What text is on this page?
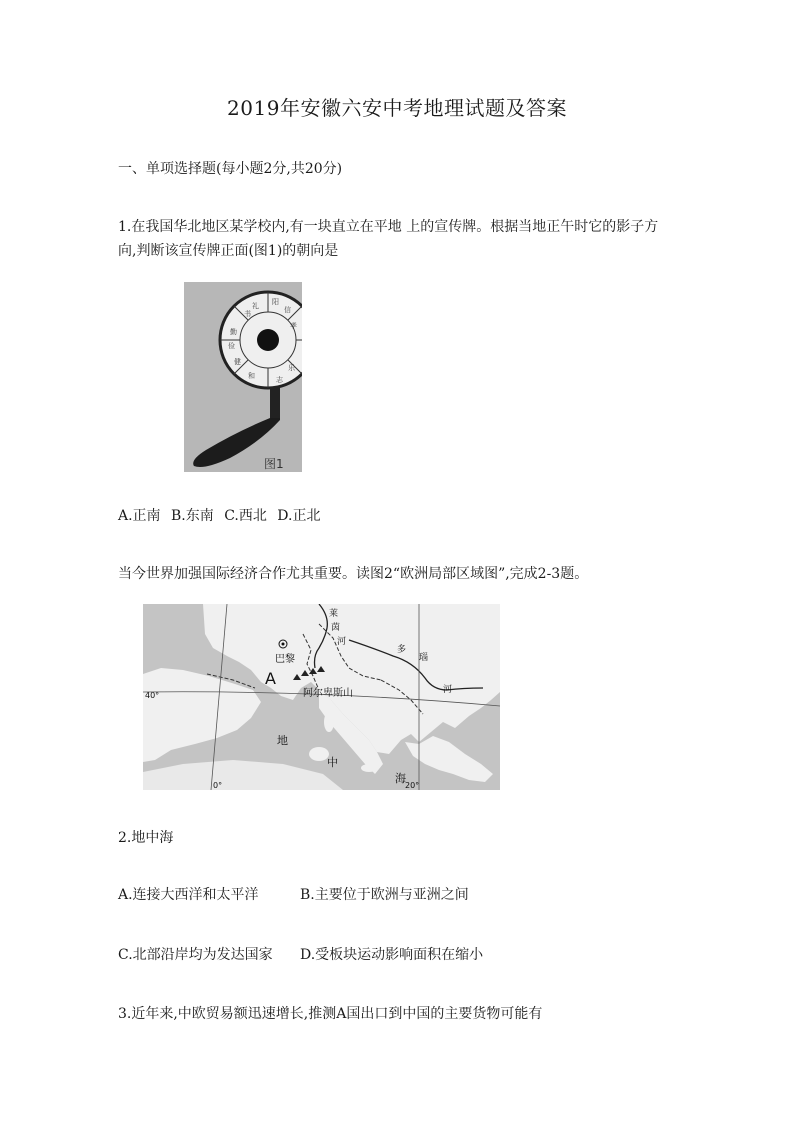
2019年安徽六安中考地理试题及答案
一、单项选择题(每小题2分,共20分)
1.在我国华北地区某学校内,有一块直立在平地 上的宣传牌。根据当地正午时它的影子方
向,判断该宣传牌正面(图1)的朝向是
书
礼 阳
勤
俭
健
和	志
乐
信
孝
图1
A.正南 B.东南 C.西北 D.正北
当今世界加强国际经济合作尤其重要。读图2“欧洲局部区域图”,完成2-3题。
巴黎
A
阿尔卑斯山
莱
茵
河
多
瑙
河
地
中
海
40°
0°	20°
2.地中海
A.连接大西洋和太平洋	B.主要位于欧洲与亚洲之间
C.北部沿岸均为发达国家 D.受板块运动影响面积在缩小
3.近年来,中欧贸易额迅速增长,推测A国出口到中国的主要货物可能有
